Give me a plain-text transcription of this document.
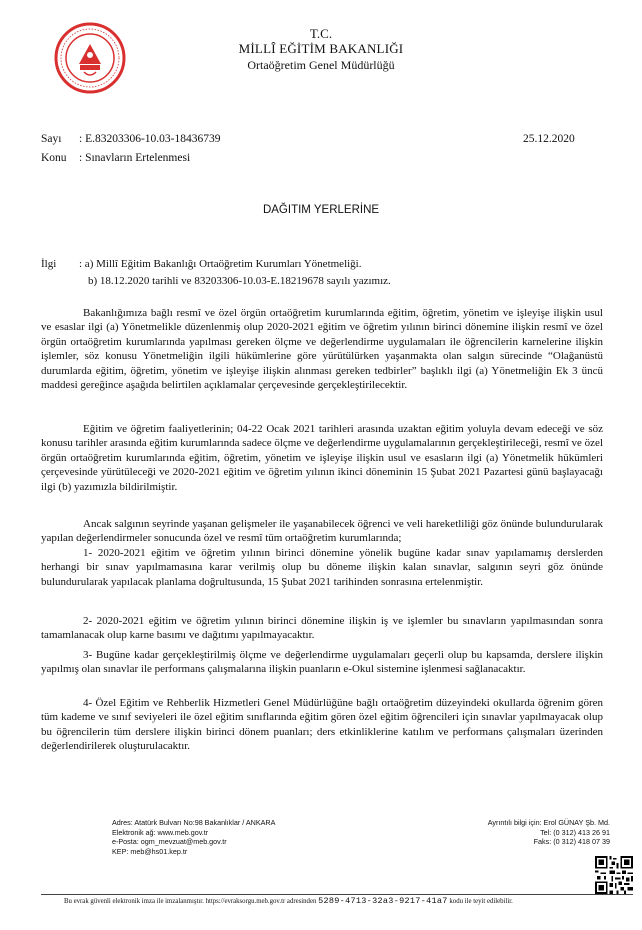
T.C.
MİLLÎ EĞİTİM BAKANLIĞI
Ortaöğretim Genel Müdürlüğü
Sayı : E.83203306-10.03-18436739	25.12.2020
Konu : Sınavların Ertelenmesi
DAĞITIM YERLERİNE
İlgi : a) Millî Eğitim Bakanlığı Ortaöğretim Kurumları Yönetmeliği.
b) 18.12.2020 tarihli ve 83203306-10.03-E.18219678 sayılı yazımız.

Bakanlığımıza bağlı resmî ve özel örgün ortaöğretim kurumlarında eğitim, öğretim, yönetim ve işleyişe ilişkin usul ve esaslar ilgi (a) Yönetmelikle düzenlenmiş olup 2020-2021 eğitim ve öğretim yılının birinci dönemine ilişkin resmî ve özel örgün ortaöğretim kurumlarında yapılması gereken ölçme ve değerlendirme uygulamaları ile öğrencilerin karnelerine ilişkin işlemler, söz konusu Yönetmeliğin ilgili hükümlerine göre yürütülürken yaşanmakta olan salgın sürecinde “Olağanüstü durumlarda eğitim, öğretim, yönetim ve işleyişe ilişkin alınması gereken tedbirler” başlıklı ilgi (a) Yönetmeliğin Ek 3 üncü maddesi gereğince aşağıda belirtilen açıklamalar çerçevesinde gerçekleştirilecektir.

Eğitim ve öğretim faaliyetlerinin; 04-22 Ocak 2021 tarihleri arasında uzaktan eğitim yoluyla devam edeceği ve söz konusu tarihler arasında eğitim kurumlarında sadece ölçme ve değerlendirme uygulamalarının gerçekleştirileceği, resmî ve özel örgün ortaöğretim kurumlarında eğitim, öğretim, yönetim ve işleyişe ilişkin usul ve esasların ilgi (a) Yönetmelik hükümleri çerçevesinde yürütüleceği ve 2020-2021 eğitim ve öğretim yılının ikinci döneminin 15 Şubat 2021 Pazartesi günü başlayacağı ilgi (b) yazımızla bildirilmiştir.

Ancak salgının seyrinde yaşanan gelişmeler ile yaşanabilecek öğrenci ve veli hareketliliği göz önünde bulundurularak yapılan değerlendirmeler sonucunda özel ve resmî tüm ortaöğretim kurumlarında;

1- 2020-2021 eğitim ve öğretim yılının birinci dönemine yönelik bugüne kadar sınav yapılamamış derslerden herhangi bir sınav yapılmamasına karar verilmiş olup bu döneme ilişkin kalan sınavlar, salgının seyri göz önünde bulundurularak yapılacak planlama doğrultusunda, 15 Şubat 2021 tarihinden sonrasına ertelenmiştir.

2- 2020-2021 eğitim ve öğretim yılının birinci dönemine ilişkin iş ve işlemler bu sınavların yapılmasından sonra tamamlanacak olup karne basımı ve dağıtımı yapılmayacaktır.

3- Bugüne kadar gerçekleştirilmiş ölçme ve değerlendirme uygulamaları geçerli olup bu kapsamda, derslere ilişkin yapılmış olan sınavlar ile performans çalışmalarına ilişkin puanların e-Okul sistemine işlenmesi sağlanacaktır.

4- Özel Eğitim ve Rehberlik Hizmetleri Genel Müdürlüğüne bağlı ortaöğretim düzeyindeki okullarda öğrenim gören tüm kademe ve sınıf seviyeleri ile özel eğitim sınıflarında eğitim gören özel eğitim öğrencileri için sınavlar yapılmayacak olup bu öğrencilerin tüm derslere ilişkin birinci dönem puanları; ders etkinliklerine katılım ve performans çalışmaları üzerinden değerlendirilerek oluşturulacaktır.

Adres: Atatürk Bulvarı No:98 Bakanlıklar / ANKARA
Elektronik ağ: www.meb.gov.tr
e-Posta: ogm_mevzuat@meb.gov.tr
KEP: meb@hs01.kep.tr
Ayrıntılı bilgi için: Erol GÜNAY Şb. Md.
Tel: (0 312) 413 26 91
Faks: (0 312) 418 07 39
Bu evrak güvenli elektronik imza ile imzalanmıştır. https://evraksorgu.meb.gov.tr adresinden 5289-4713-32a3-9217-41a7 kodu ile teyit edilebilir.
